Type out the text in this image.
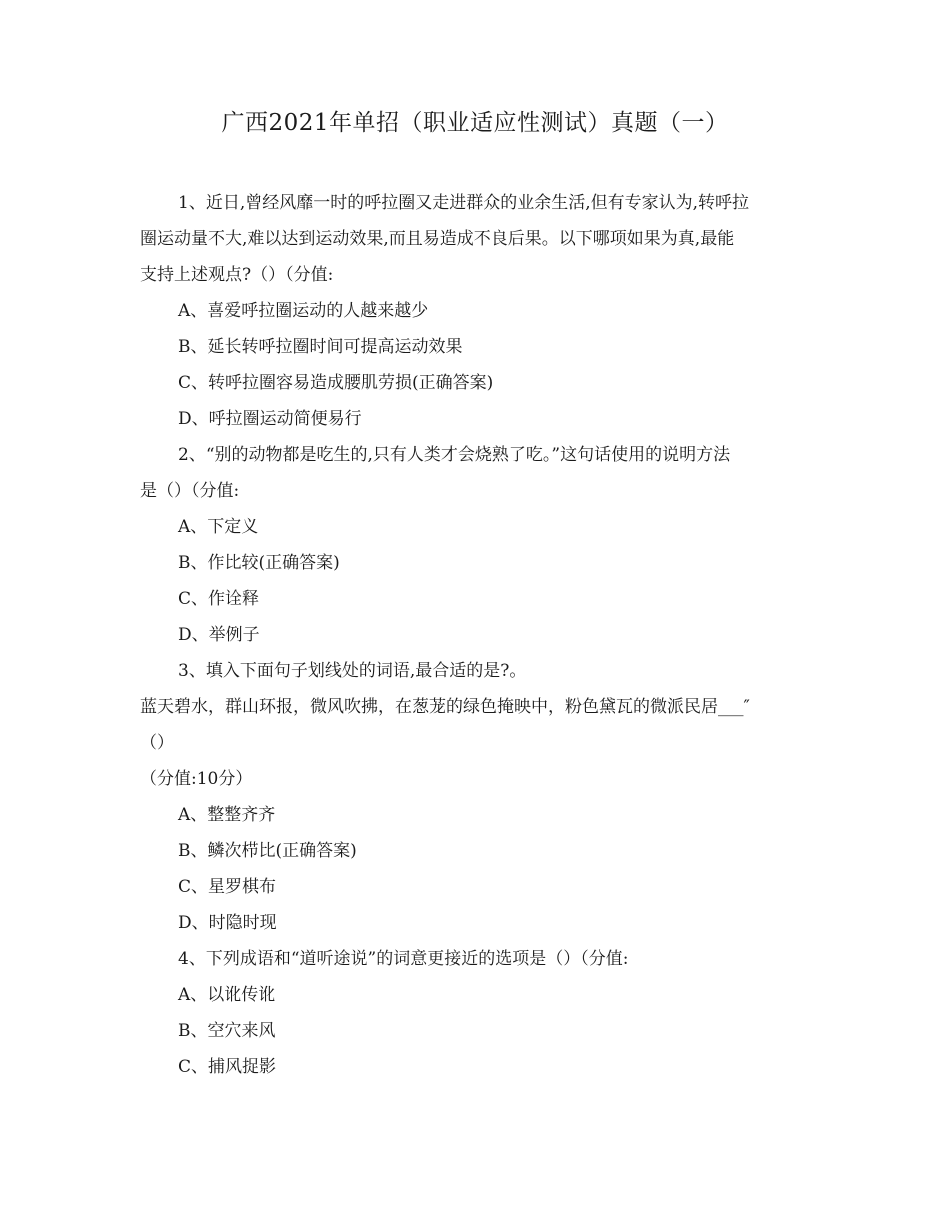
广西2021年单招（职业适应性测试）真题（一）
1、近日,曾经风靡一时的呼拉圈又走进群众的业余生活,但有专家认为,转呼拉
圈运动量不大,难以达到运动效果,而且易造成不良后果。以下哪项如果为真,最能
支持上述观点?（）（分值:
A、喜爱呼拉圈运动的人越来越少
B、延长转呼拉圈时间可提高运动效果
C、转呼拉圈容易造成腰肌劳损(正确答案)
D、呼拉圈运动简便易行
2、“别的动物都是吃生的,只有人类才会烧熟了吃。”这句话使用的说明方法
是（）（分值:
A、下定义
B、作比较(正确答案)
C、作诠释
D、举例子
3、填入下面句子划线处的词语,最合适的是?。
蓝天碧水，群山环报，微风吹拂，在葱茏的绿色掩映中，粉色黛瓦的微派民居___″
（）
（分值:10分）
A、整整齐齐
B、鳞次栉比(正确答案)
C、星罗棋布
D、时隐时现
4、下列成语和“道听途说”的词意更接近的选项是（）（分值:
A、以讹传讹
B、空穴来风
C、捕风捉影
